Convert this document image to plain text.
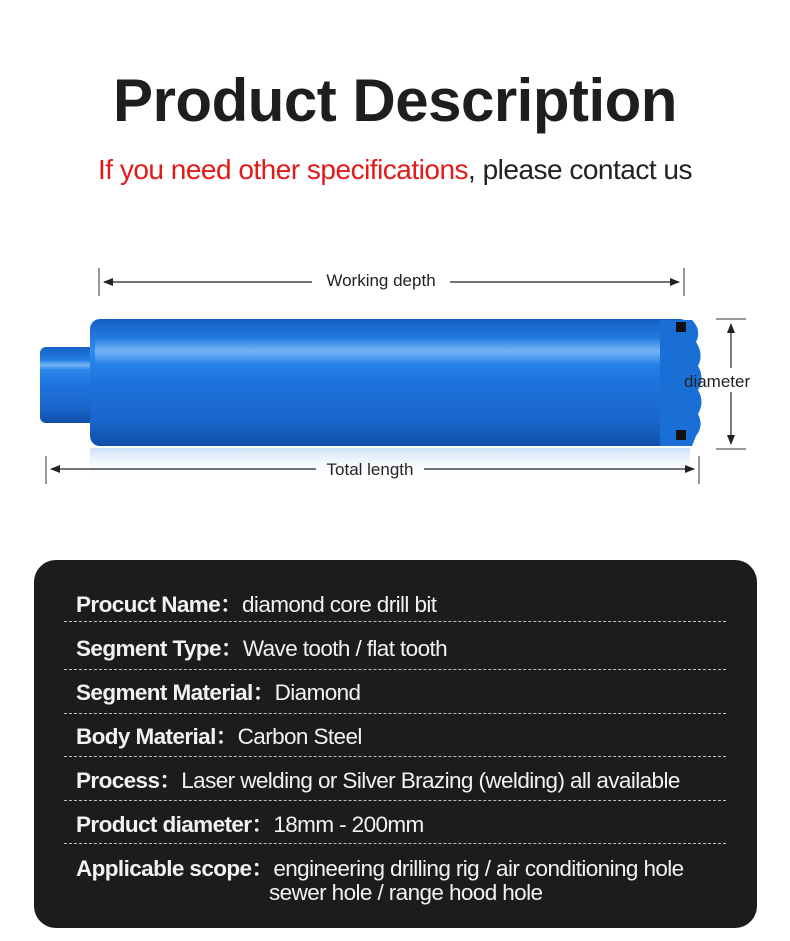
Product Description
If you need other specifications, please contact us
Working depth
diameter
Total length
Procuct Name：diamond core drill bit
Segment Type：Wave tooth / flat tooth
Segment Material：Diamond
Body Material：Carbon Steel
Process：Laser welding or Silver Brazing (welding) all available
Product diameter：18mm - 200mm
Applicable scope：engineering drilling rig / air conditioning hole
sewer hole / range hood hole
